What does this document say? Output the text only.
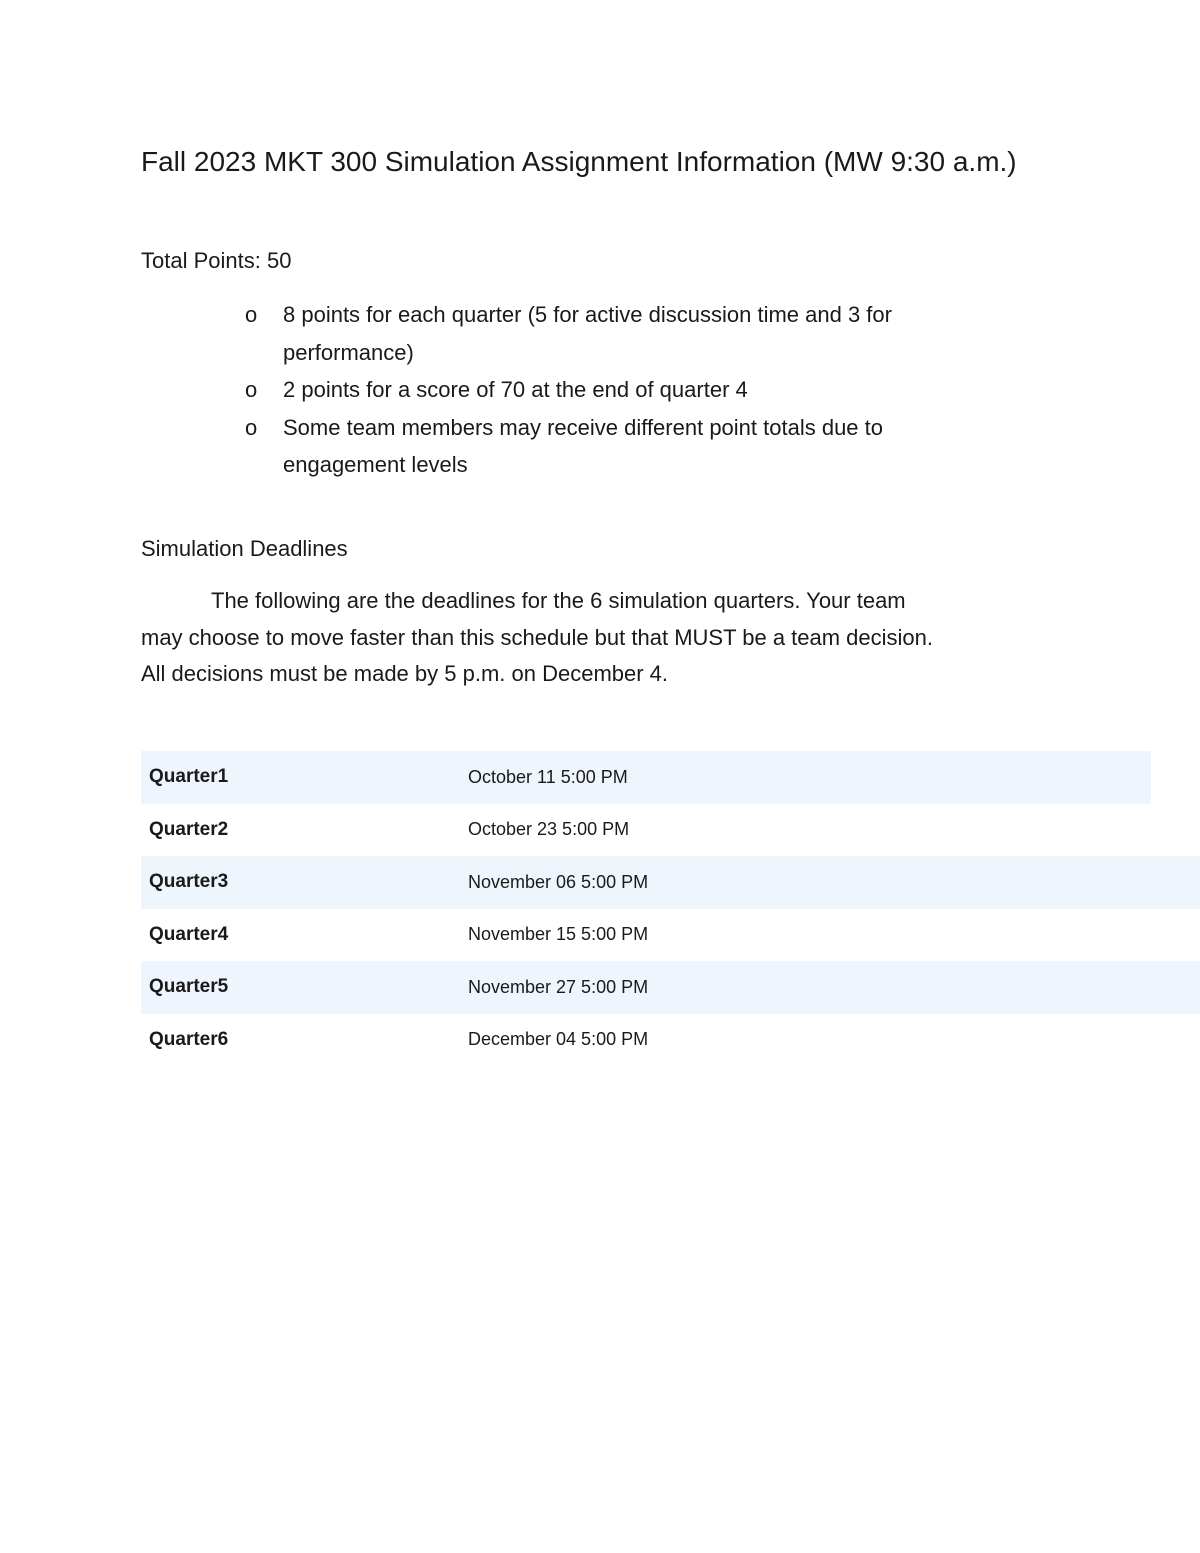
Fall 2023 MKT 300 Simulation Assignment Information (MW 9:30 a.m.)
Total Points: 50
o 8 points for each quarter (5 for active discussion time and 3 for
performance)
o 2 points for a score of 70 at the end of quarter 4
o Some team members may receive different point totals due to
engagement levels
Simulation Deadlines

The following are the deadlines for the 6 simulation quarters. Your team
may choose to move faster than this schedule but that MUST be a team decision.
All decisions must be made by 5 p.m. on December 4.

Quarter1	October 11 5:00 PM
Quarter2	October 23 5:00 PM
Quarter3	November 06 5:00 PM
Quarter4	November 15 5:00 PM
Quarter5	November 27 5:00 PM
Quarter6	December 04 5:00 PM
